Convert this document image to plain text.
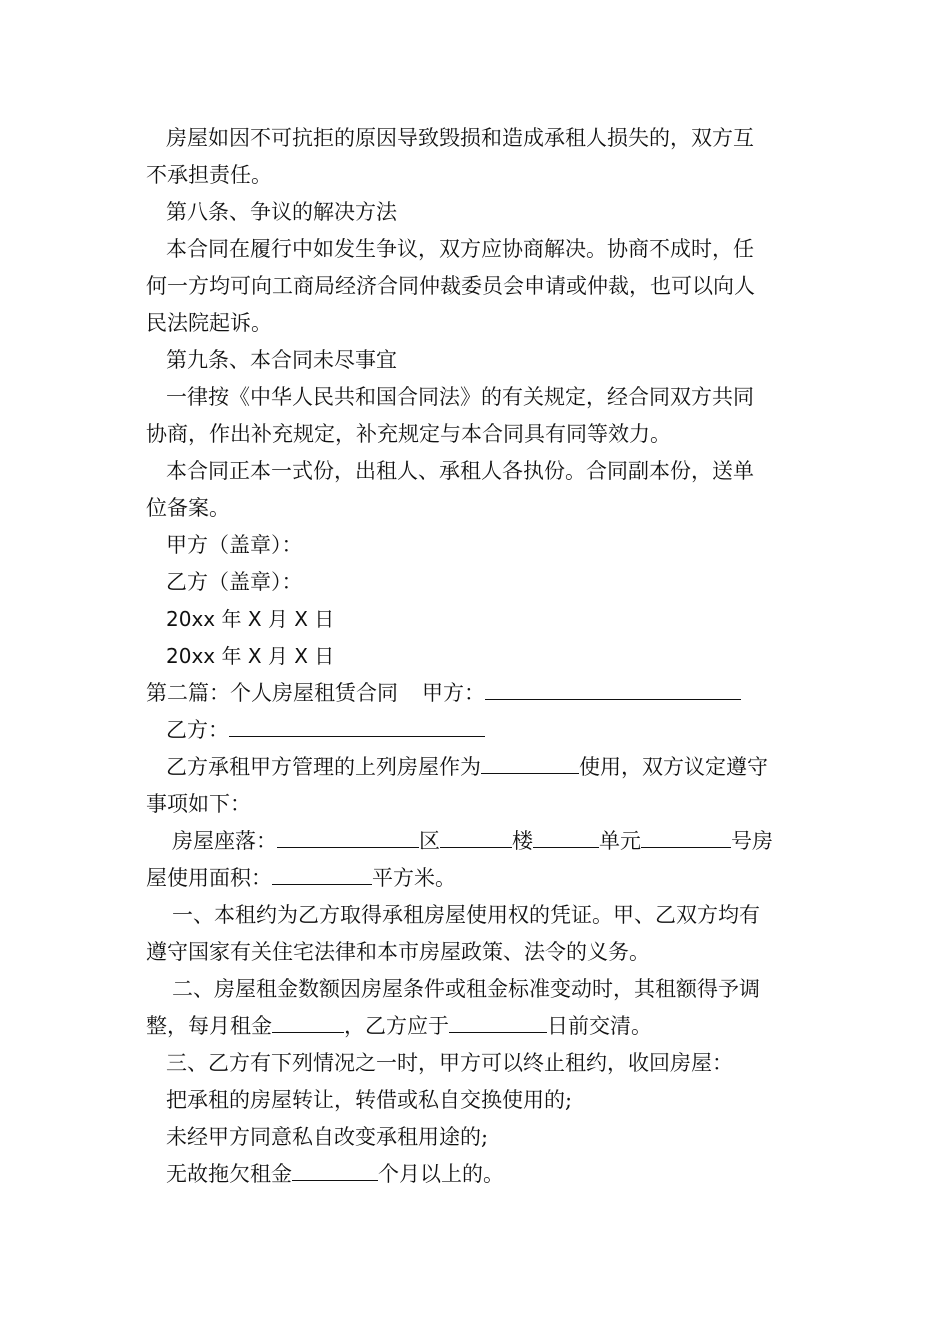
房屋如因不可抗拒的原因导致毁损和造成承租人损失的，双方互
不承担责任。
第八条、争议的解决方法
本合同在履行中如发生争议，双方应协商解决。协商不成时，任
何一方均可向工商局经济合同仲裁委员会申请或仲裁，也可以向人
民法院起诉。
第九条、本合同未尽事宜
一律按《中华人民共和国合同法》的有关规定，经合同双方共同
协商，作出补充规定，补充规定与本合同具有同等效力。
本合同正本一式份，出租人、承租人各执份。合同副本份，送单
位备案。
甲方（盖章）：
乙方（盖章）：
20xx 年 X 月 X 日
20xx 年 X 月 X 日
第二篇：个人房屋租赁合同 甲方：
乙方：
乙方承租甲方管理的上列房屋作为	使用，双方议定遵守
事项如下：
房屋座落：	区	楼	单元	号房
屋使用面积：	平方米。
一、本租约为乙方取得承租房屋使用权的凭证。甲、乙双方均有
遵守国家有关住宅法律和本市房屋政策、法令的义务。
二、房屋租金数额因房屋条件或租金标准变动时，其租额得予调
整，每月租金	，乙方应于	日前交清。
三、乙方有下列情况之一时，甲方可以终止租约，收回房屋：
把承租的房屋转让，转借或私自交换使用的;
未经甲方同意私自改变承租用途的;
无故拖欠租金	个月以上的。
